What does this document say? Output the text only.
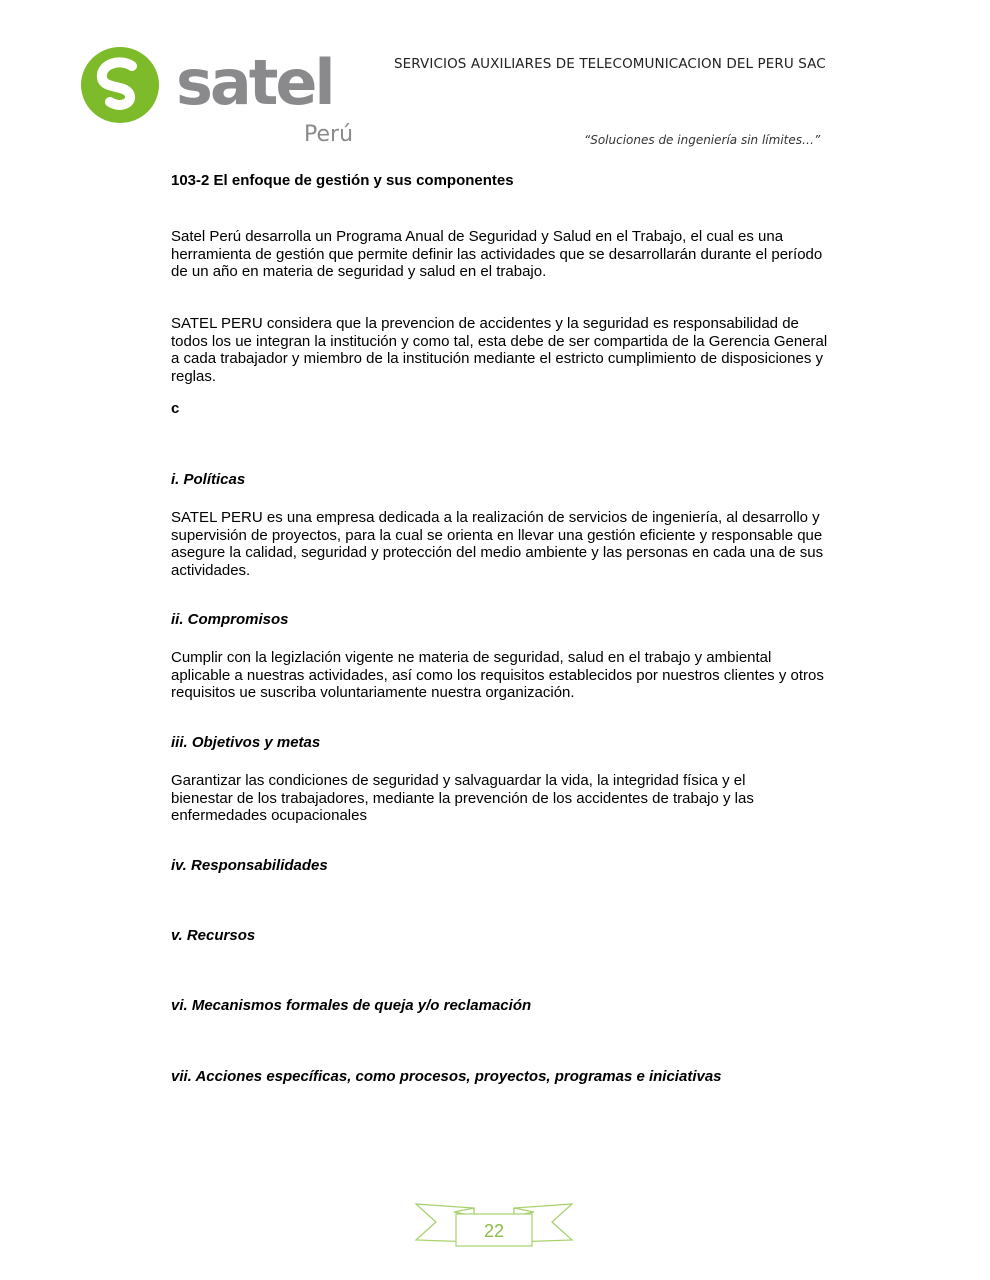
satel
Perú
SERVICIOS AUXILIARES DE TELECOMUNICACION DEL PERU SAC
“Soluciones de ingeniería sin límites…”
103-2 El enfoque de gestión y sus componentes
Satel Perú desarrolla un Programa Anual de Seguridad y Salud en el Trabajo, el cual es una herramienta de gestión que permite definir las actividades que se desarrollarán durante el período de un año en materia de seguridad y salud en el trabajo.
SATEL PERU considera que la prevencion de accidentes y la seguridad es responsabilidad de todos los ue integran la institución y como tal, esta debe de ser compartida de la Gerencia General a cada trabajador y miembro de la institución mediante el estricto cumplimiento de disposiciones y reglas.
c
i. Políticas
SATEL PERU es una empresa dedicada a la realización de servicios de ingeniería, al desarrollo y supervisión de proyectos, para la cual se orienta en llevar una gestión eficiente y responsable que asegure la calidad, seguridad y protección del medio ambiente y las personas en cada una de sus actividades.
ii. Compromisos
Cumplir con la legizlación vigente ne materia de seguridad, salud en el trabajo y ambiental aplicable a nuestras actividades, así como los requisitos establecidos por nuestros clientes y otros requisitos ue suscriba voluntariamente nuestra organización.
iii. Objetivos y metas
Garantizar las condiciones de seguridad y salvaguardar la vida, la integridad física y el bienestar de los trabajadores, mediante la prevención de los accidentes de trabajo y las enfermedades ocupacionales
iv. Responsabilidades
v. Recursos
vi. Mecanismos formales de queja y/o reclamación
vii. Acciones específicas, como procesos, proyectos, programas e iniciativas
22
